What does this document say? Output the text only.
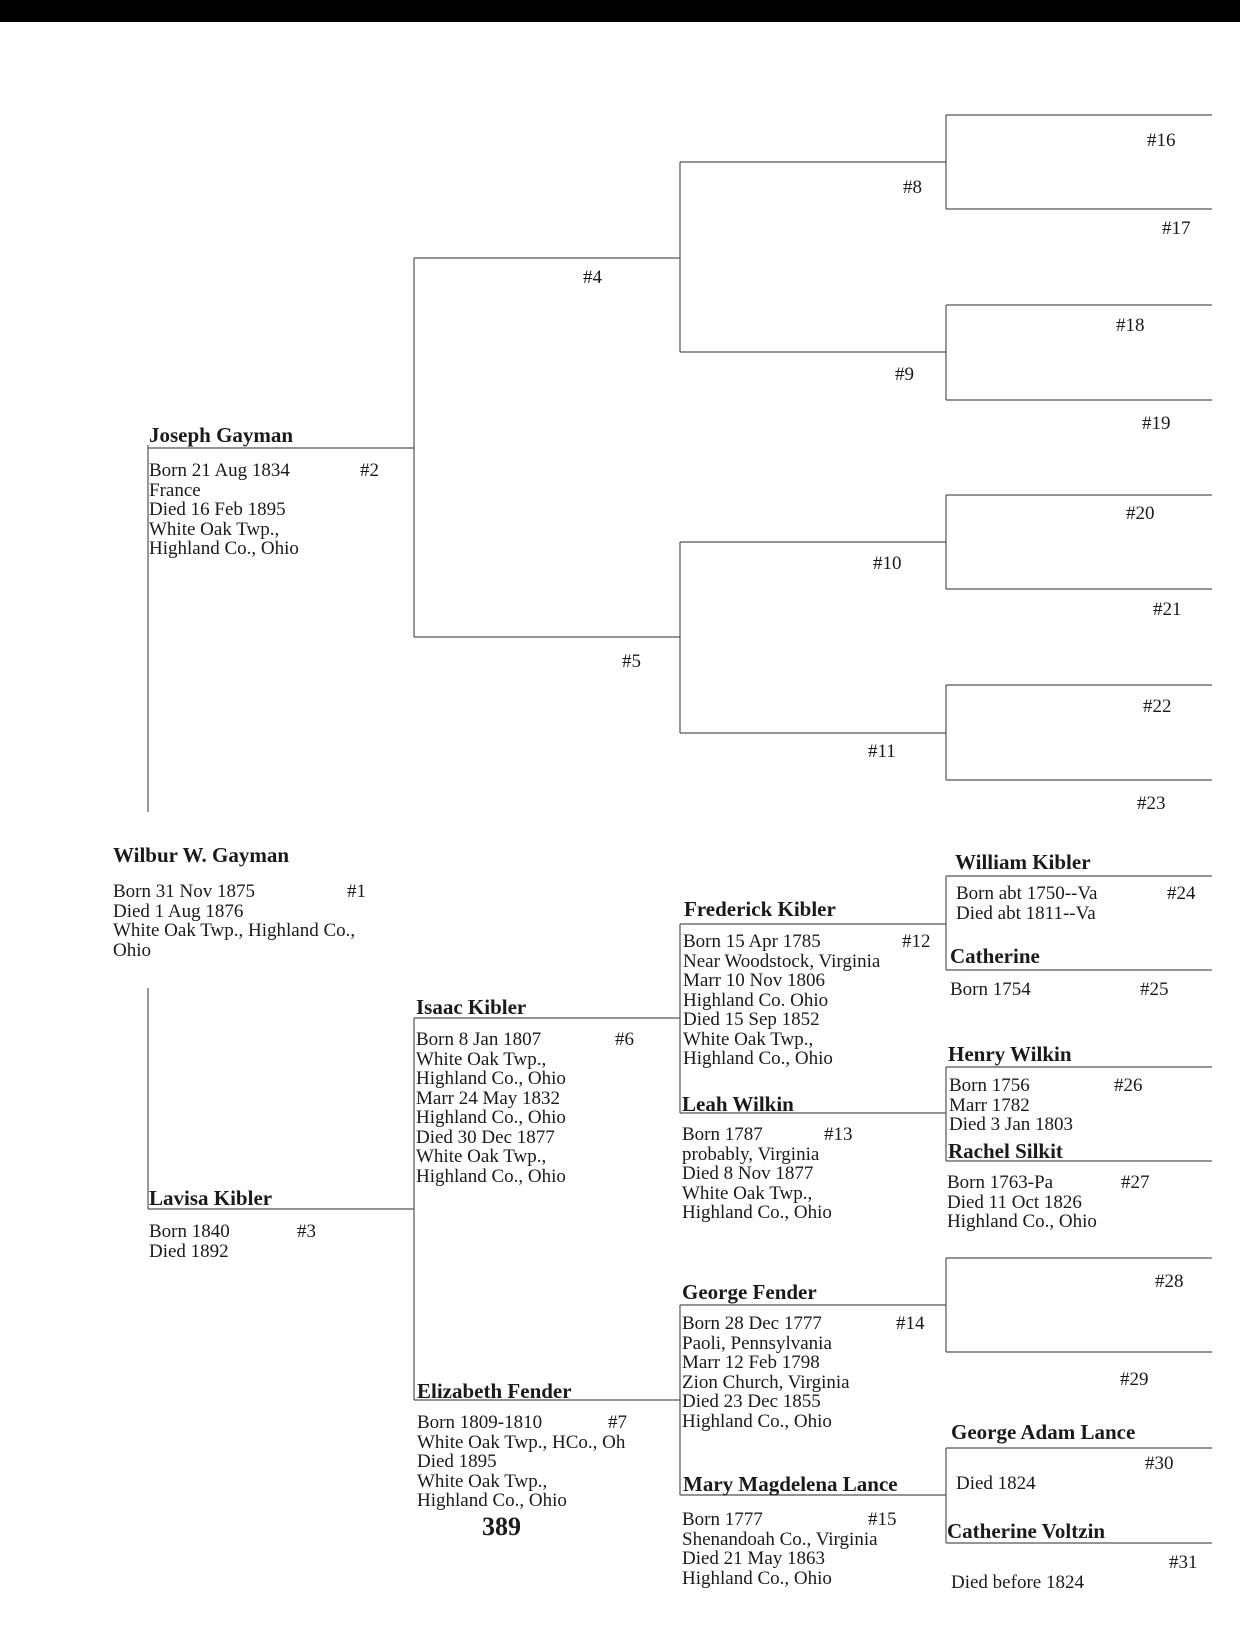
Wilbur W. Gayman
#1
Born 31 Nov 1875
Died 1 Aug 1876
White Oak Twp., Highland Co.,
Ohio
Joseph Gayman
#2
Born 21 Aug 1834
France
Died 16 Feb 1895
White Oak Twp.,
Highland Co., Ohio
Lavisa Kibler
#3
Born 1840
Died 1892
#4
#5
Isaac Kibler
#6
Born 8 Jan 1807
White Oak Twp.,
Highland Co., Ohio
Marr 24 May 1832
Highland Co., Ohio
Died 30 Dec 1877
White Oak Twp.,
Highland Co., Ohio
Elizabeth Fender
#7
Born 1809-1810
White Oak Twp., HCo., Oh
Died 1895
White Oak Twp.,
Highland Co., Ohio
#8
#9
#10
#11
Frederick Kibler
#12
Born 15 Apr 1785
Near Woodstock, Virginia
Marr 10 Nov 1806
Highland Co. Ohio
Died 15 Sep 1852
White Oak Twp.,
Highland Co., Ohio
Leah Wilkin
#13
Born 1787
probably, Virginia
Died 8 Nov 1877
White Oak Twp.,
Highland Co., Ohio
George Fender
#14
Born 28 Dec 1777
Paoli, Pennsylvania
Marr 12 Feb 1798
Zion Church, Virginia
Died 23 Dec 1855
Highland Co., Ohio
Mary Magdelena Lance
#15
Born 1777
Shenandoah Co., Virginia
Died 21 May 1863
Highland Co., Ohio
#16
#17
#18
#19
#20
#21
#22
#23
William Kibler
#24
Born abt 1750--Va
Died abt 1811--Va
Catherine
#25
Born 1754
Henry Wilkin
#26
Born 1756
Marr 1782
Died 3 Jan 1803
Rachel Silkit
#27
Born 1763-Pa
Died 11 Oct 1826
Highland Co., Ohio
#28
#29
George Adam Lance
#30
Died 1824
Catherine Voltzin
#31
Died before 1824
389
